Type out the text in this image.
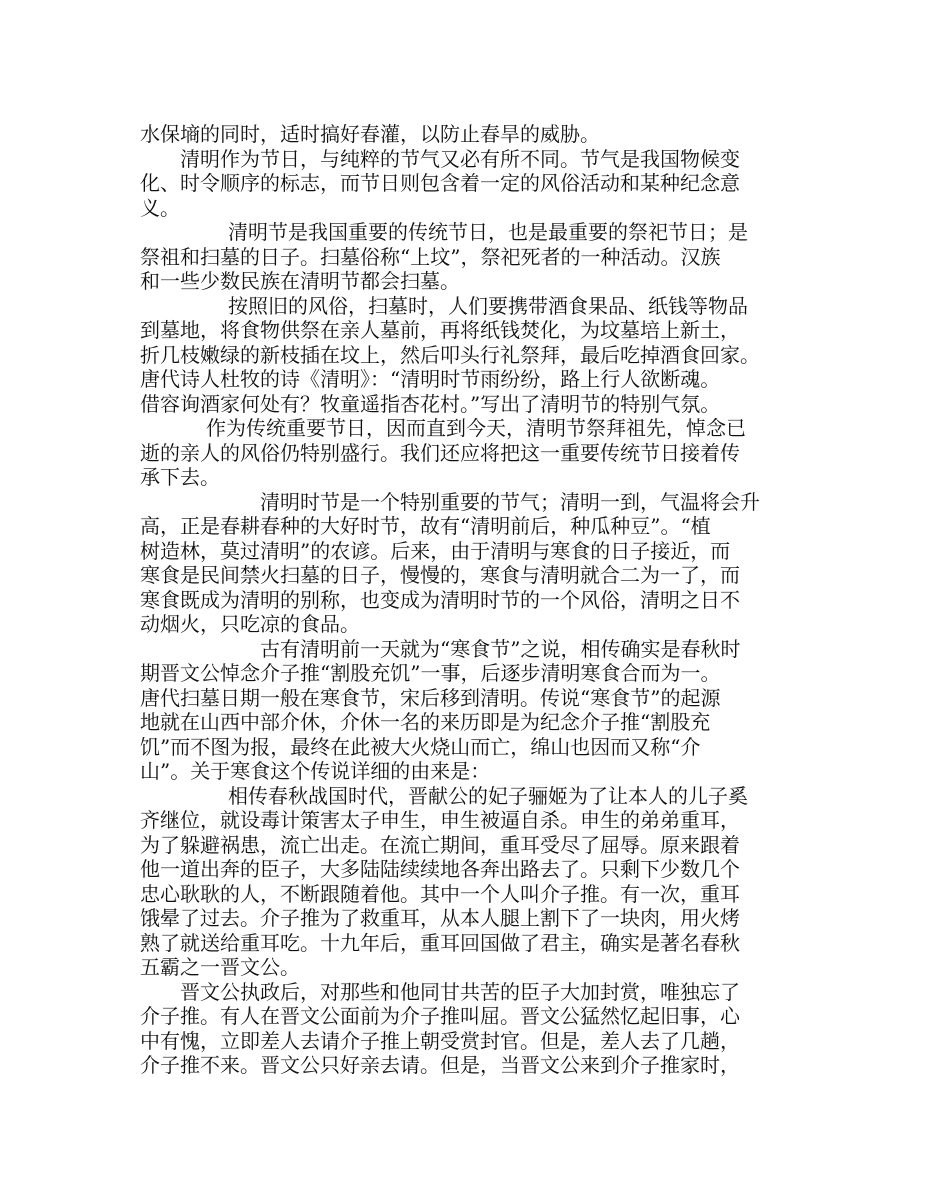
水保墒的同时，适时搞好春灌，以防止春旱的威胁。
清明作为节日，与纯粹的节气又必有所不同。节气是我国物候变
化、时令顺序的标志，而节日则包含着一定的风俗活动和某种纪念意
义。
清明节是我国重要的传统节日，也是最重要的祭祀节日；是
祭祖和扫墓的日子。扫墓俗称“上坟”，祭祀死者的一种活动。汉族
和一些少数民族在清明节都会扫墓。
按照旧的风俗，扫墓时，人们要携带酒食果品、纸钱等物品
到墓地，将食物供祭在亲人墓前，再将纸钱焚化，为坟墓培上新土，
折几枝嫩绿的新枝插在坟上，然后叩头行礼祭拜，最后吃掉酒食回家。
唐代诗人杜牧的诗《清明》：“清明时节雨纷纷，路上行人欲断魂。
借容询酒家何处有？牧童遥指杏花村。”写出了清明节的特别气氛。
作为传统重要节日，因而直到今天，清明节祭拜祖先，悼念已
逝的亲人的风俗仍特别盛行。我们还应将把这一重要传统节日接着传
承下去。
清明时节是一个特别重要的节气；清明一到，气温将会升
高，正是春耕春种的大好时节，故有“清明前后，种瓜种豆”。“植
树造林，莫过清明”的农谚。后来，由于清明与寒食的日子接近，而
寒食是民间禁火扫墓的日子，慢慢的，寒食与清明就合二为一了，而
寒食既成为清明的别称，也变成为清明时节的一个风俗，清明之日不
动烟火，只吃凉的食品。
古有清明前一天就为“寒食节”之说，相传确实是春秋时
期晋文公悼念介子推“割股充饥”一事，后逐步清明寒食合而为一。
唐代扫墓日期一般在寒食节，宋后移到清明。传说“寒食节”的起源
地就在山西中部介休，介休一名的来历即是为纪念介子推“割股充
饥”而不图为报，最终在此被大火烧山而亡，绵山也因而又称“介
山”。关于寒食这个传说详细的由来是：
相传春秋战国时代，晋献公的妃子骊姬为了让本人的儿子奚
齐继位，就设毒计策害太子申生，申生被逼自杀。申生的弟弟重耳，
为了躲避祸患，流亡出走。在流亡期间，重耳受尽了屈辱。原来跟着
他一道出奔的臣子，大多陆陆续续地各奔出路去了。只剩下少数几个
忠心耿耿的人，不断跟随着他。其中一个人叫介子推。有一次，重耳
饿晕了过去。介子推为了救重耳，从本人腿上割下了一块肉，用火烤
熟了就送给重耳吃。十九年后，重耳回国做了君主，确实是著名春秋
五霸之一晋文公。
晋文公执政后，对那些和他同甘共苦的臣子大加封赏，唯独忘了
介子推。有人在晋文公面前为介子推叫屈。晋文公猛然忆起旧事，心
中有愧，立即差人去请介子推上朝受赏封官。但是，差人去了几趟，
介子推不来。晋文公只好亲去请。但是，当晋文公来到介子推家时，
